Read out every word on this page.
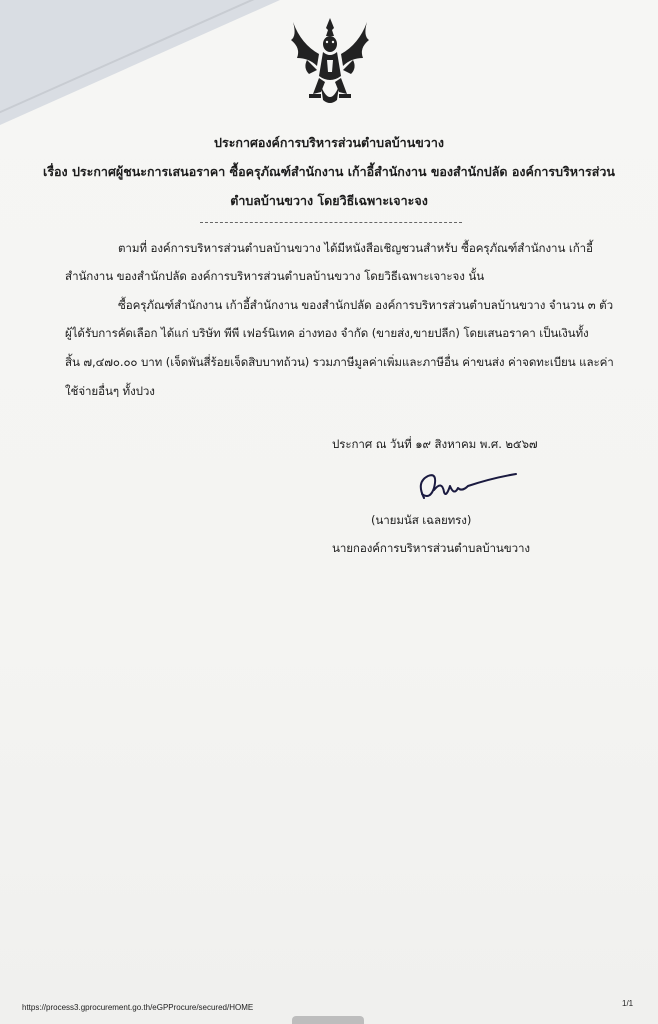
ประกาศองค์การบริหารส่วนตำบลบ้านขวาง
เรื่อง ประกาศผู้ชนะการเสนอราคา ซื้อครุภัณฑ์สำนักงาน เก้าอี้สำนักงาน ของสำนักปลัด องค์การบริหารส่วน
ตำบลบ้านขวาง โดยวิธีเฉพาะเจาะจง
ตามที่ องค์การบริหารส่วนตำบลบ้านขวาง ได้มีหนังสือเชิญชวนสำหรับ ซื้อครุภัณฑ์สำนักงาน เก้าอี้
สำนักงาน ของสำนักปลัด องค์การบริหารส่วนตำบลบ้านขวาง โดยวิธีเฉพาะเจาะจง นั้น
ซื้อครุภัณฑ์สำนักงาน เก้าอี้สำนักงาน ของสำนักปลัด องค์การบริหารส่วนตำบลบ้านขวาง จำนวน ๓ ตัว
ผู้ได้รับการคัดเลือก ได้แก่ บริษัท พีพี เฟอร์นิเทค อ่างทอง จำกัด (ขายส่ง,ขายปลีก) โดยเสนอราคา เป็นเงินทั้ง
สิ้น ๗,๔๗๐.๐๐ บาท (เจ็ดพันสี่ร้อยเจ็ดสิบบาทถ้วน) รวมภาษีมูลค่าเพิ่มและภาษีอื่น ค่าขนส่ง ค่าจดทะเบียน และค่า
ใช้จ่ายอื่นๆ ทั้งปวง
ประกาศ ณ วันที่ ๑๙ สิงหาคม พ.ศ. ๒๕๖๗
(นายมนัส เฉลยทรง)
นายกองค์การบริหารส่วนตำบลบ้านขวาง
https://process3.gprocurement.go.th/eGPProcure/secured/HOME	1/1
